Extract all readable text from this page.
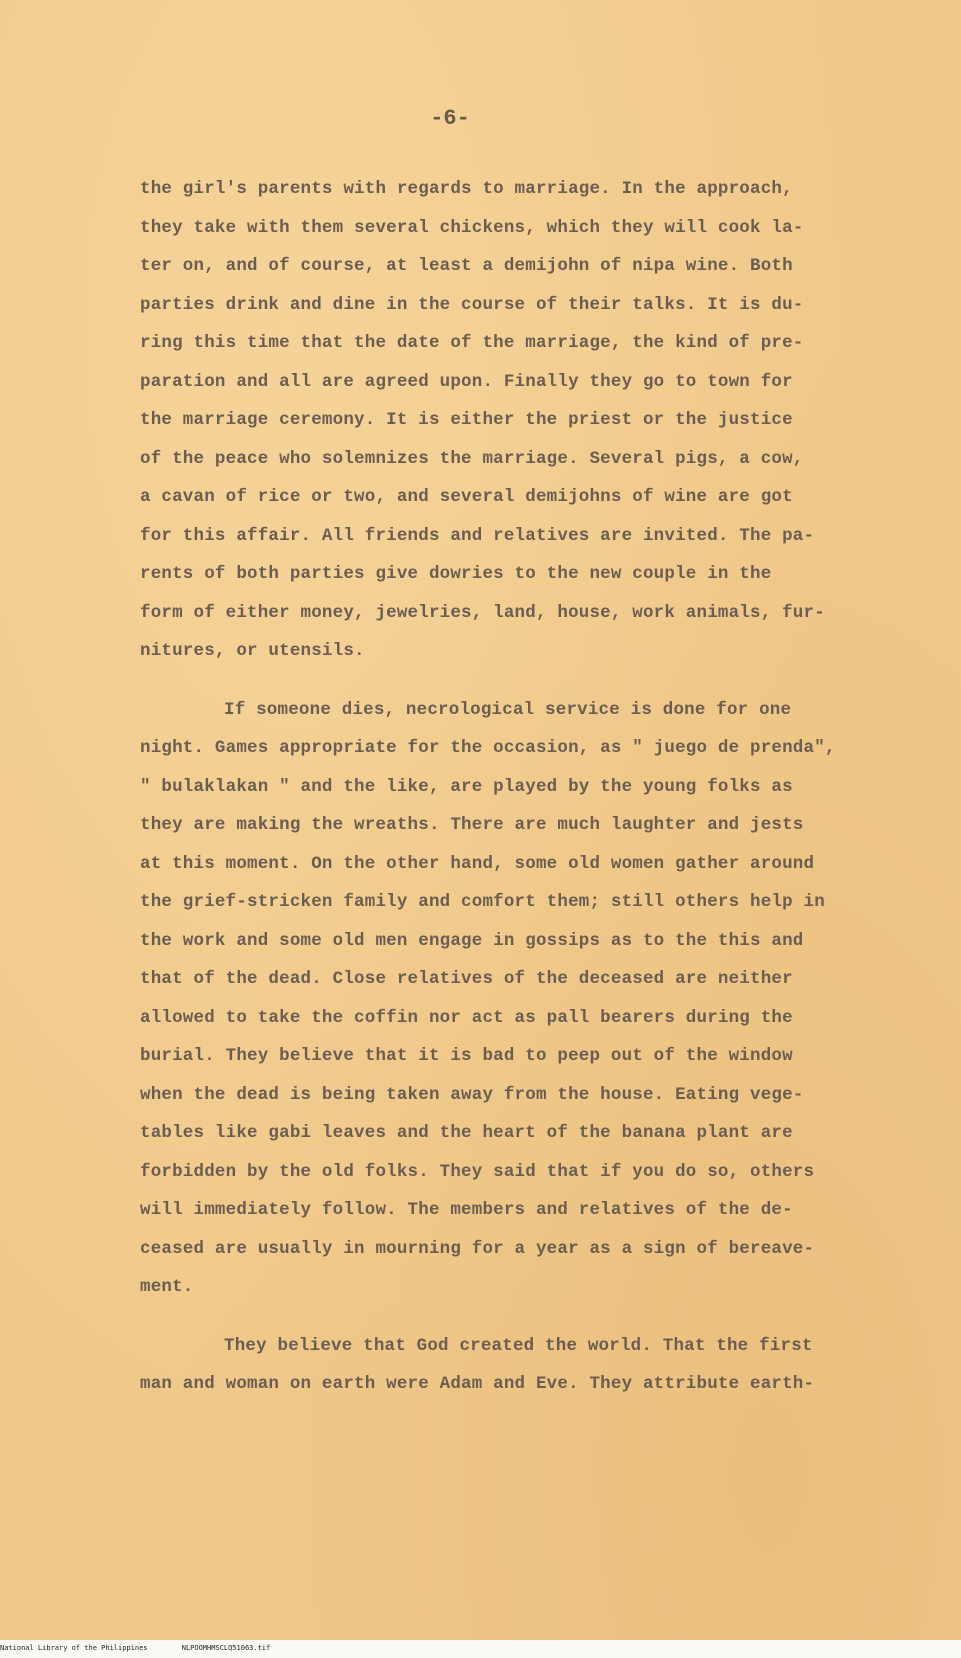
-6-
the girl's parents with regards to marriage. In the approach,
they take with them several chickens, which they will cook la-
ter on, and of course, at least a demijohn of nipa wine. Both
parties drink and dine in the course of their talks. It is du-
ring this time that the date of the marriage, the kind of pre-
paration and all are agreed upon. Finally they go to town for
the marriage ceremony. It is either the priest or the justice
of the peace who solemnizes the marriage. Several pigs, a cow,
a cavan of rice or two, and several demijohns of wine are got
for this affair. All friends and relatives are invited. The pa-
rents of both parties give dowries to the new couple in the
form of either money, jewelries, land, house, work animals, fur-
nitures, or utensils.
If someone dies, necrological service is done for one
night. Games appropriate for the occasion, as " juego de prenda",
" bulaklakan " and the like, are played by the young folks as
they are making the wreaths. There are much laughter and jests
at this moment. On the other hand, some old women gather around
the grief-stricken family and comfort them; still others help in
the work and some old men engage in gossips as to the this and
that of the dead. Close relatives of the deceased are neither
allowed to take the coffin nor act as pall bearers during the
burial. They believe that it is bad to peep out of the window
when the dead is being taken away from the house. Eating vege-
tables like gabi leaves and the heart of the banana plant are
forbidden by the old folks. They said that if you do so, others
will immediately follow. The members and relatives of the de-
ceased are usually in mourning for a year as a sign of bereave-
ment.
They believe that God created the world. That the first
man and woman on earth were Adam and Eve. They attribute earth-
National Library of the Philippines	NLPOOMHMSCLQ51063.tif
